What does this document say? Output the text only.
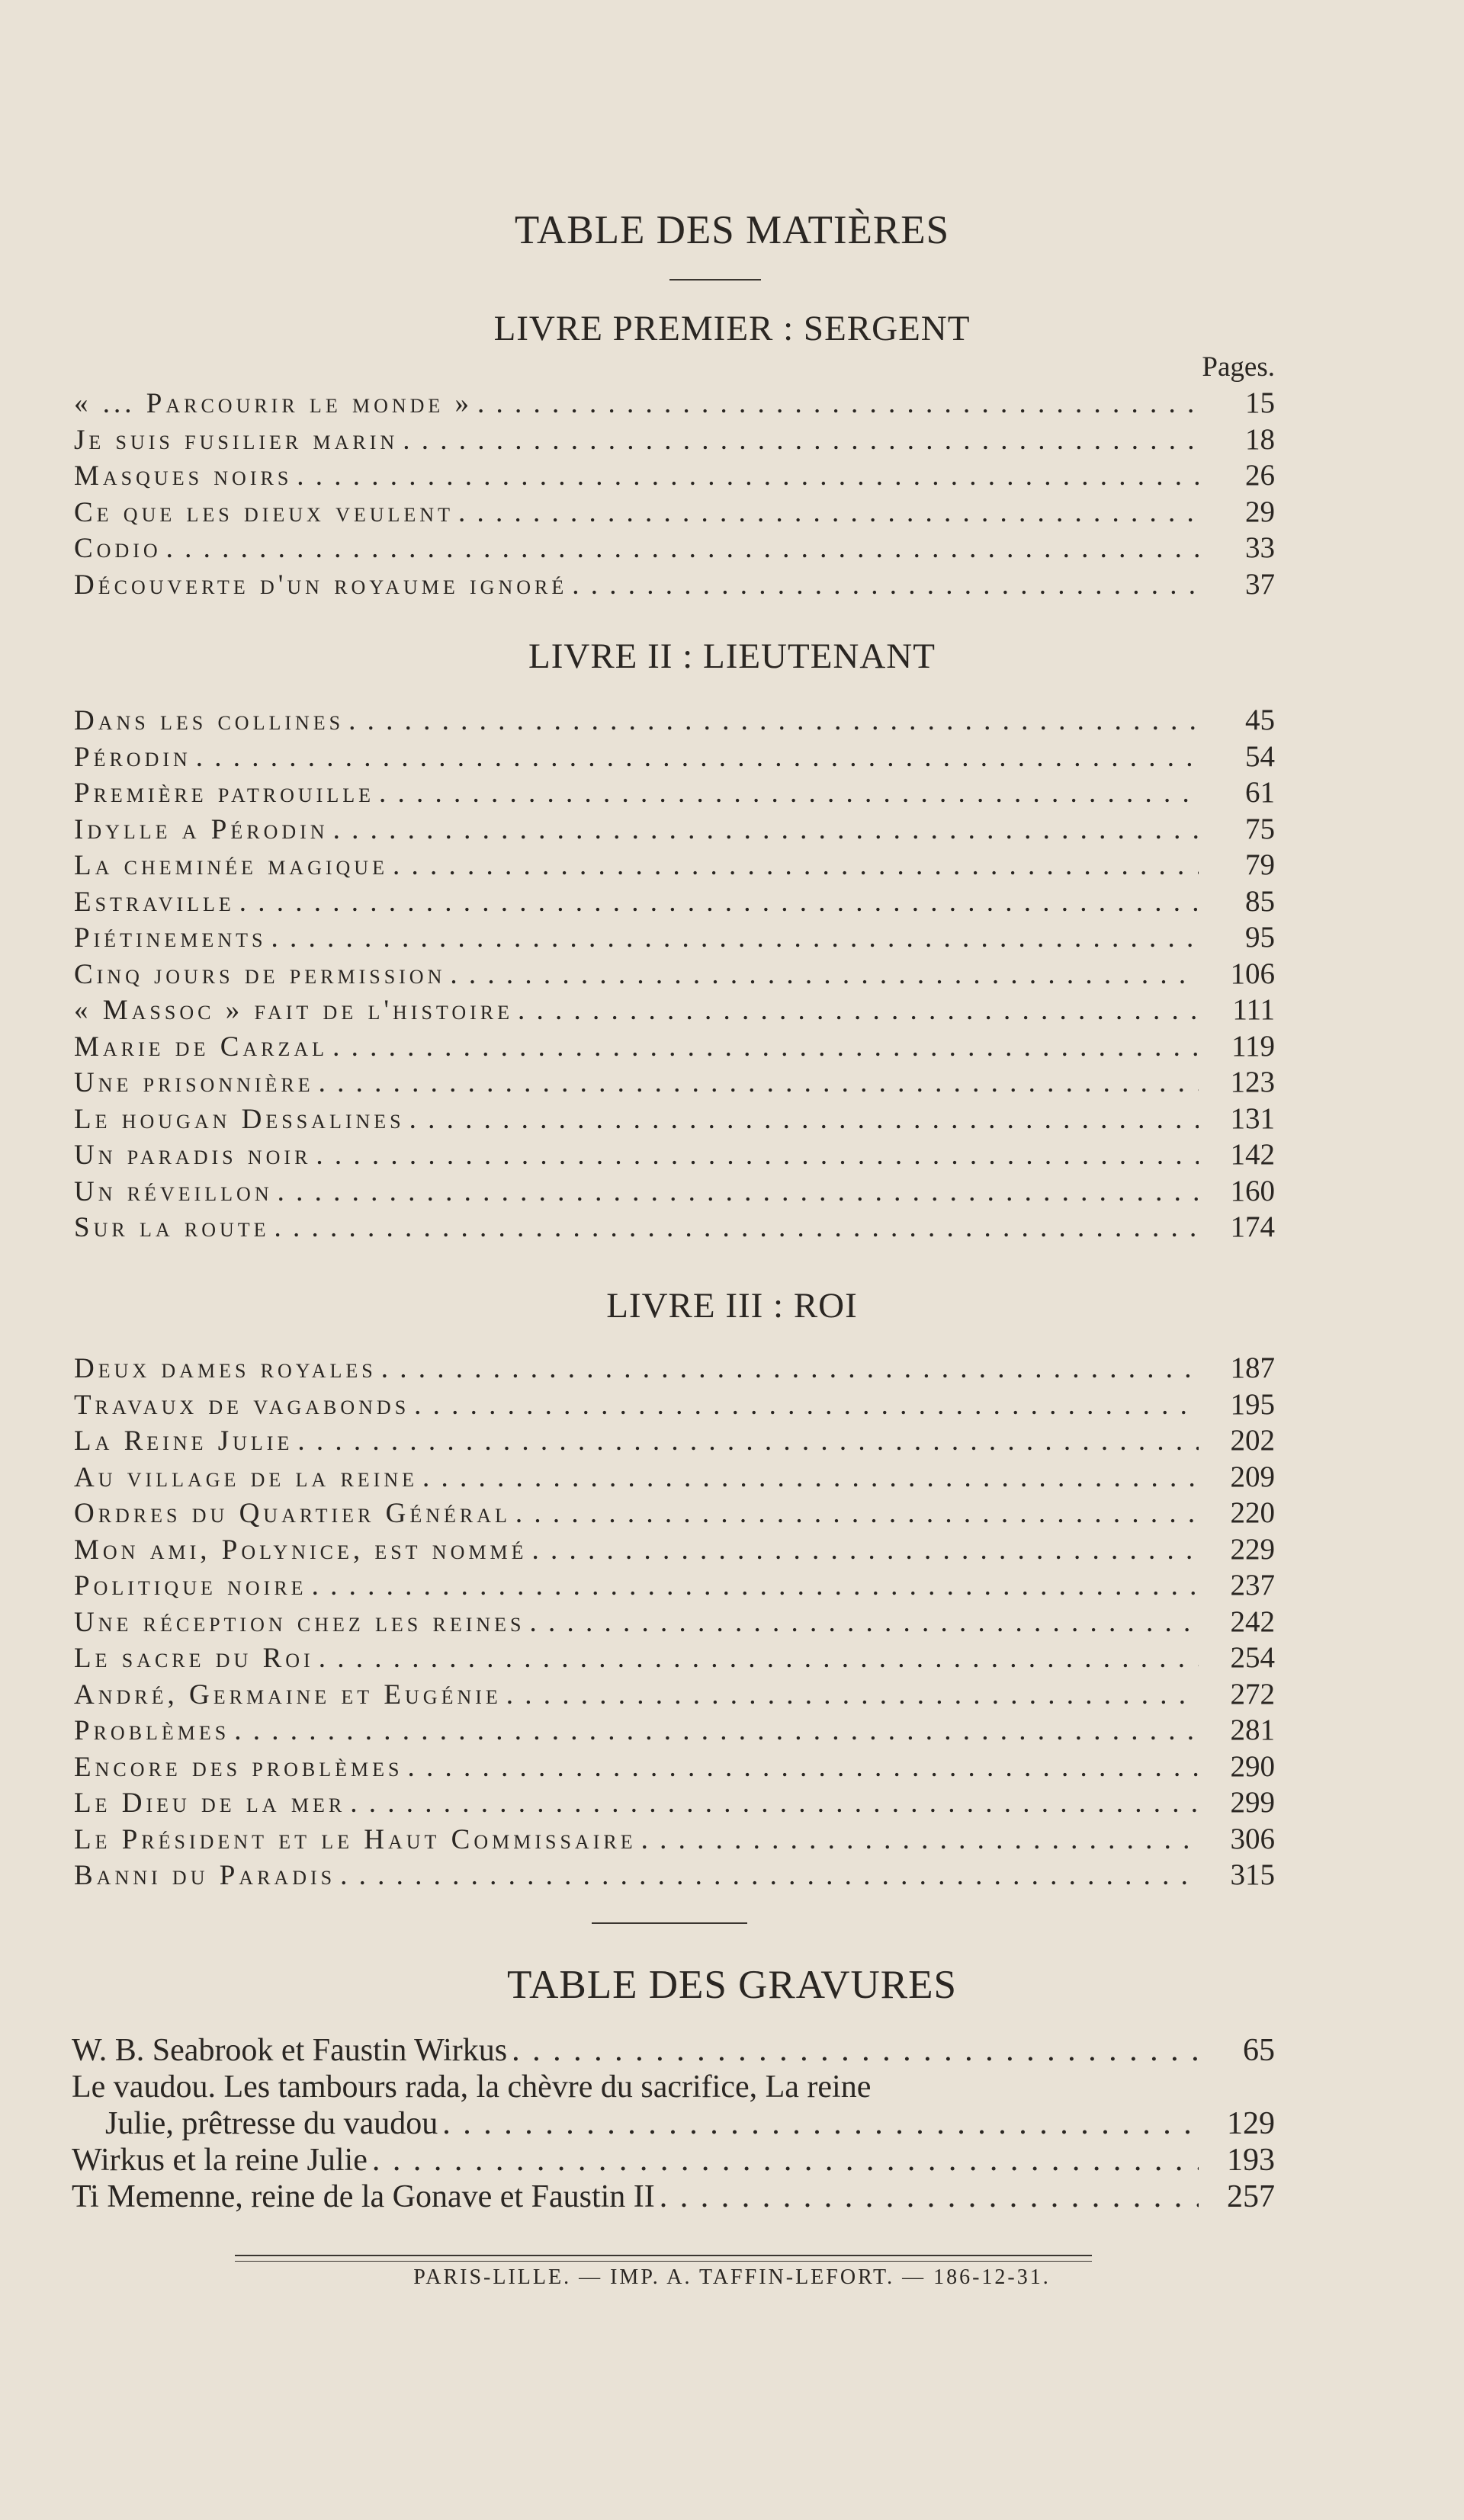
TABLE DES MATIÈRES
LIVRE PREMIER : SERGENT
Pages.
« ... Parcourir le monde » . . .	15
Je suis fusilier marin . . .	18
Masques noirs . . .	26
Ce que les dieux veulent . . .	29
Codio . . .	33
Découverte d'un royaume ignoré . . .	37
LIVRE II : LIEUTENANT
Dans les collines . . .	45
Pérodin . . .	54
Première patrouille . . .	61
Idylle a Pérodin . . .	75
La cheminée magique . . .	79
Estraville . . .	85
Piétinements . . .	95
Cinq jours de permission . . .	106
« Massoc » fait de l'histoire . . .	111
Marie de Carzal . . .	119
Une prisonnière . . .	123
Le hougan Dessalines . . .	131
Un paradis noir . . .	142
Un réveillon . . .	160
Sur la route . . .	174
LIVRE III : ROI
Deux dames royales . . .	187
Travaux de vagabonds . . .	195
La Reine Julie . . .	202
Au village de la reine . . .	209
Ordres du Quartier Général . . .	220
Mon ami, Polynice, est nommé . . .	229
Politique noire . . .	237
Une réception chez les reines . . .	242
Le sacre du Roi . . .	254
André, Germaine et Eugénie . . .	272
Problèmes . . .	281
Encore des problèmes . . .	290
Le Dieu de la mer . . .	299
Le Président et le Haut Commissaire . . .	306
Banni du Paradis . . .	315
TABLE DES GRAVURES
W. B. Seabrook et Faustin Wirkus . . .	65
Le vaudou. Les tambours rada, la chèvre du sacrifice, La reine
Julie, prêtresse du vaudou . . .	129
Wirkus et la reine Julie . . .	193
Ti Memenne, reine de la Gonave et Faustin II . . .	257
PARIS-LILLE. — IMP. A. TAFFIN-LEFORT. — 186-12-31.
